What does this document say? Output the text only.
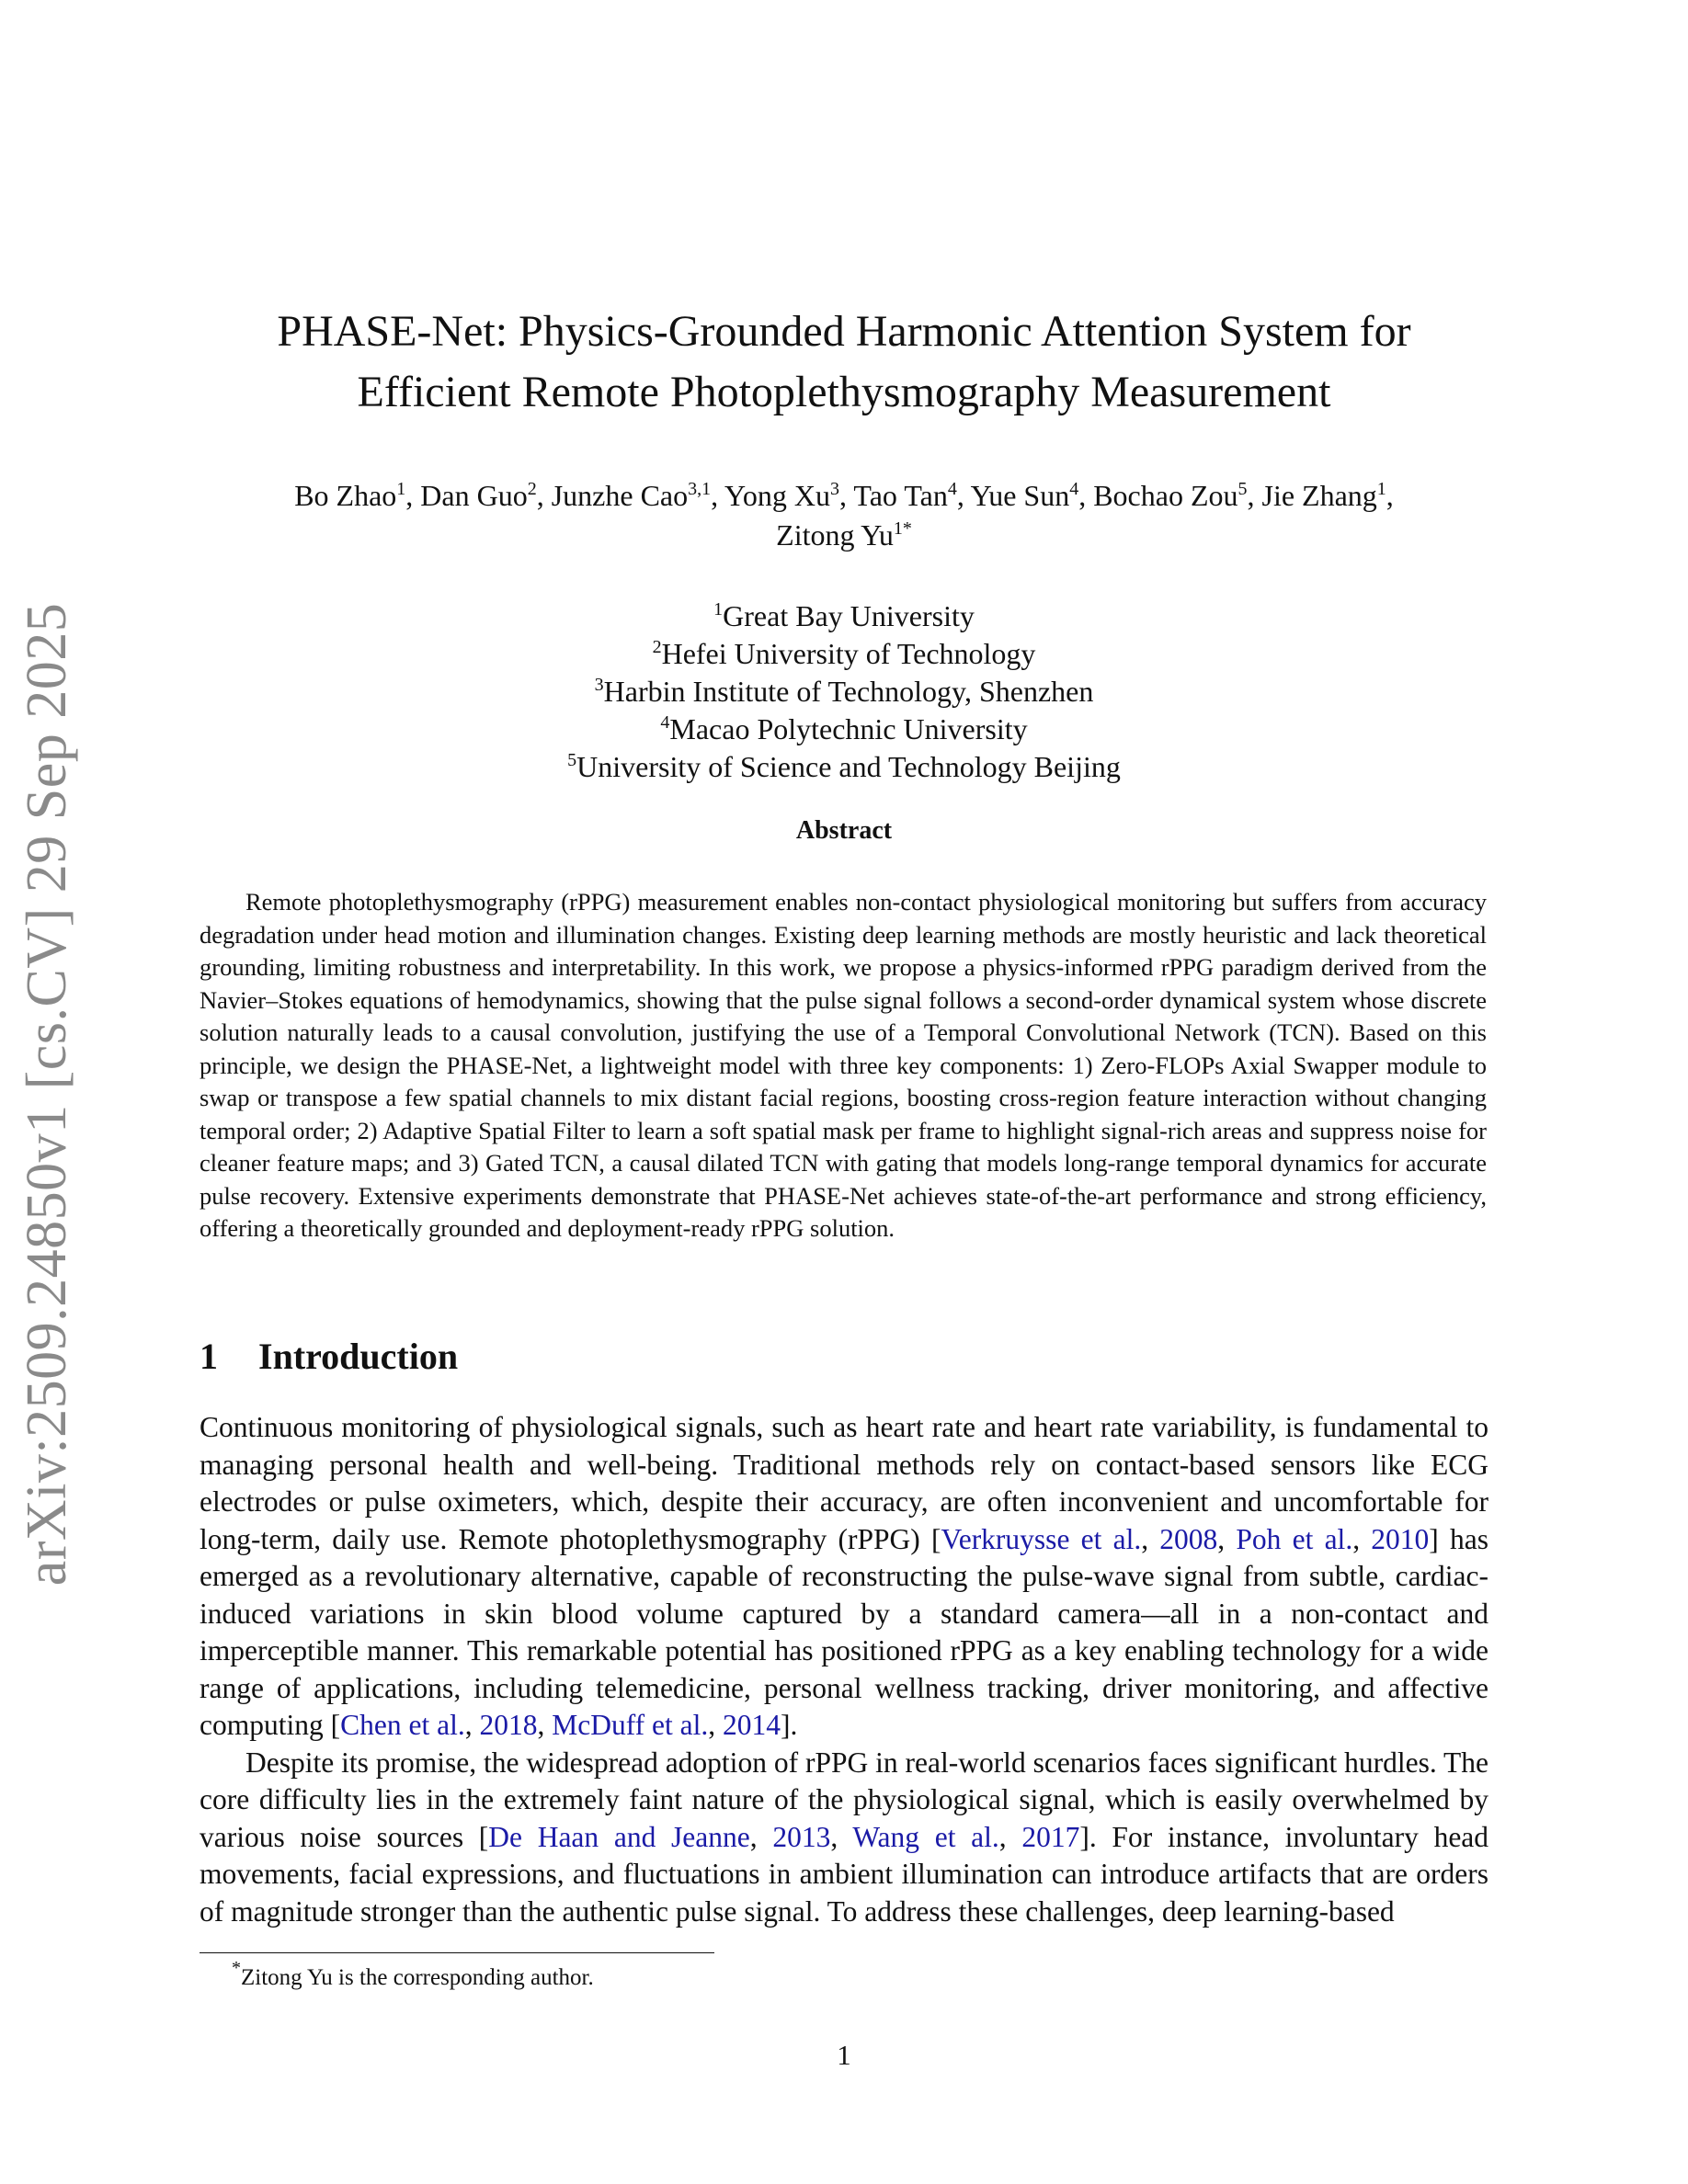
arXiv:2509.24850v1 [cs.CV] 29 Sep 2025
PHASE-Net: Physics-Grounded Harmonic Attention System for
Efficient Remote Photoplethysmography Measurement
Bo Zhao$^1$, Dan Guo$^2$, Junzhe Cao$^{3,1}$, Yong Xu$^3$, Tao Tan$^4$, Yue Sun$^4$, Bochao Zou$^5$, Jie Zhang$^1$,
Zitong $Yu^{1*}$
$^1$Great Bay University
$^2$Hefei University of Technology
$^3$Harbin Institute of Technology, Shenzhen
$^4$Macao Polytechnic University
$^5$University of Science and Technology Beijing
Abstract

Remote photoplethysmography (rPPG) measurement enables non-contact physiological monitoring but suffers from accuracy degradation under head motion and illumination changes. Existing deep learning methods are mostly heuristic and lack theoretical grounding, limiting robustness and interpretability. In this work, we propose a physics-informed rPPG paradigm derived from the Navier–Stokes equations of hemodynamics, showing that the pulse signal follows a second-order dynamical system whose discrete solution naturally leads to a causal convolution, justifying the use of a Temporal Convolutional Network (TCN). Based on this principle, we design the PHASE-Net, a lightweight model with three key components: 1) Zero-FLOPs Axial Swapper module to swap or transpose a few spatial channels to mix distant facial regions, boosting cross-region feature interaction without changing temporal order; 2) Adaptive Spatial Filter to learn a soft spatial mask per frame to highlight signal-rich areas and suppress noise for cleaner feature maps; and 3) Gated TCN, a causal dilated TCN with gating that models long-range temporal dynamics for accurate pulse recovery. Extensive experiments demonstrate that PHASE-Net achieves state-of-the-art performance and strong efficiency, offering a theoretically grounded and deployment-ready rPPG solution.

1 Introduction

Continuous monitoring of physiological signals, such as heart rate and heart rate variability, is fundamental to managing personal health and well-being. Traditional methods rely on contact-based sensors like ECG electrodes or pulse oximeters, which, despite their accuracy, are often inconvenient and uncomfortable for long-term, daily use. Remote photoplethysmography (rPPG) [Verkruysse et al., 2008, Poh et al., 2010] has emerged as a revolutionary alternative, capable of reconstructing the pulse-wave signal from subtle, cardiac-induced variations in skin blood volume captured by a standard camera—all in a non-contact and imperceptible manner. This remarkable potential has positioned rPPG as a key enabling technology for a wide range of applications, including telemedicine, personal wellness tracking, driver monitoring, and affective computing [Chen et al., 2018, McDuff et al., 2014].

Despite its promise, the widespread adoption of rPPG in real-world scenarios faces significant hurdles. The core difficulty lies in the extremely faint nature of the physiological signal, which is easily overwhelmed by various noise sources [De Haan and Jeanne, 2013, Wang et al., 2017]. For instance, involuntary head movements, facial expressions, and fluctuations in ambient illumination can introduce artifacts that are orders of magnitude stronger than the authentic pulse signal. To address these challenges, deep learning-based

*Zitong Yu is the corresponding author.
1
